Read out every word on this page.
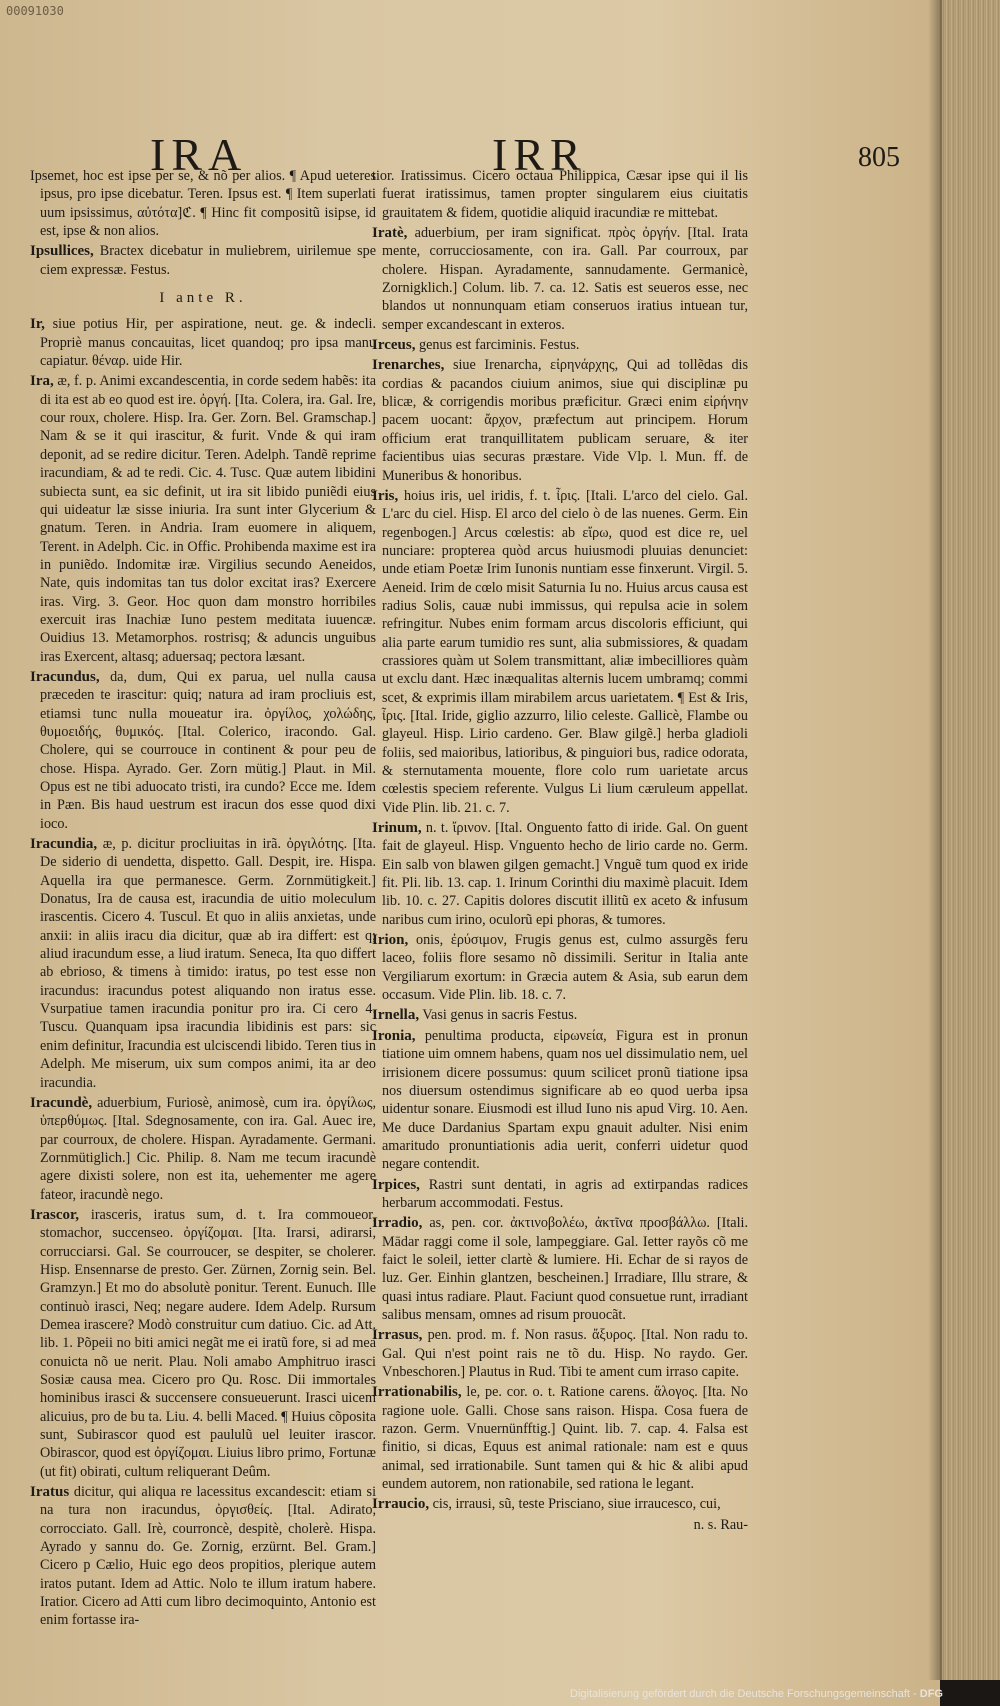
00091030
IRA	IRR	805
Ipsemet, hoc est ipse per se, & nõ per alios. ¶ Apud ueteres ipsus, pro ipse dicebatur. Teren. Ipsus est. ¶ Item superlati uum ipsissimus, αὐτότα]ℭ. ¶ Hinc fit compositũ isipse, id est, ipse & non alios.
Ipsullices, Bractex dicebatur in muliebrem, uirilemue spe ciem expressæ. Festus.
I ante R.
Ir, siue potius Hir, per aspiratione, neut. ge. & indecli. Propriè manus concauitas, licet quandoq; pro ipsa manu capiatur. θέναρ. uide Hir.
Ira, æ, f. p. Animi excandescentia, in corde sedem habẽs: ita di ita est ab eo quod est ire. ὀργή. [Ita. Colera, ira. Gal. Ire, cour roux, cholere. Hisp. Ira. Ger. Zorn. Bel. Gramschap.] Nam & se it qui irascitur, & furit. Vnde & qui iram deponit, ad se redire dicitur. Teren. Adelph. Tandẽ reprime iracundiam, & ad te redi. Cic. 4. Tusc. Quæ autem libidini subiecta sunt, ea sic definit, ut ira sit libido puniẽdi eius qui uideatur læ sisse iniuria. Ira sunt inter Glycerium & gnatum. Teren. in Andria. Iram euomere in aliquem, Terent. in Adelph. Cic. in Offic. Prohibenda maxime est ira in puniẽdo. Indomitæ iræ. Virgilius secundo Aeneidos, Nate, quis indomitas tan tus dolor excitat iras? Exercere iras. Virg. 3. Geor. Hoc quon dam monstro horribiles exercuit iras Inachiæ Iuno pestem meditata iuuencæ. Ouidius 13. Metamorphos. rostrisq; & aduncis unguibus iras Exercent, altasq; aduersaq; pectora læsant.
Iracundus, da, dum, Qui ex parua, uel nulla causa præceden te irascitur: quiq; natura ad iram procliuis est, etiamsi tunc nulla moueatur ira. ὀργίλος, χολώδης, θυμοειδής, θυμικός. [Ital. Colerico, iracondo. Gal. Cholere, qui se courrouce in continent & pour peu de chose. Hispa. Ayrado. Ger. Zorn mütig.] Plaut. in Mil. Opus est ne tibi aduocato tristi, ira cundo? Ecce me. Idem in Pæn. Bis haud uestrum est iracun dos esse quod dixi ioco.
Iracundia, æ, p. dicitur procliuitas in irã. ὀργιλότης. [Ita. De siderio di uendetta, dispetto. Gall. Despit, ire. Hispa. Aquella ira que permanesce. Germ. Zornmütigkeit.] Donatus, Ira de causa est, iracundia de uitio moleculum irascentis. Cicero 4. Tuscul. Et quo in aliis anxietas, unde anxii: in aliis iracu dia dicitur, quæ ab ira differt: est q; aliud iracundum esse, a liud iratum. Seneca, Ita quo differt ab ebrioso, & timens à timido: iratus, po test esse non iracundus: iracundus potest aliquando non iratus esse. Vsurpatiue tamen iracundia ponitur pro ira. Ci cero 4. Tuscu. Quanquam ipsa iracundia libidinis est pars: sic enim definitur, Iracundia est ulciscendi libido. Teren tius in Adelph. Me miserum, uix sum compos animi, ita ar deo iracundia.
Iracundè, aduerbium, Furiosè, animosè, cum ira. ὀργίλως, ὑπερθύμως. [Ital. Sdegnosamente, con ira. Gal. Auec ire, par courroux, de cholere. Hispan. Ayradamente. Germani. Zornmütiglich.] Cic. Philip. 8. Nam me tecum iracundè agere dixisti solere, non est ita, uehementer me agere fateor, iracundè nego.
Irascor, irasceris, iratus sum, d. t. Ira commoueor, stomachor, succenseo. ὀργίζομαι. [Ita. Irarsi, adirarsi, corrucciarsi. Gal. Se courroucer, se despiter, se cholerer. Hisp. Ensennarse de presto. Ger. Zürnen, Zornig sein. Bel. Gramzyn.] Et mo do absolutè ponitur. Terent. Eunuch. Ille continuò irasci, Neq; negare audere. Idem Adelp. Rursum Demea irascere? Modò construitur cum datiuo. Cic. ad Att. lib. 1. Põpeii no biti amici negãt me ei iratũ fore, si ad mea conuicta nõ ue nerit. Plau. Noli amabo Amphitruo irasci Sosiæ causa mea. Cicero pro Qu. Rosc. Dii immortales hominibus irasci & succensere consueuerunt. Irasci uicem alicuius, pro de bu ta. Liu. 4. belli Maced. ¶ Huius cõposita sunt, Subirascor quod est paululũ uel leuiter irascor. Obirascor, quod est ὀργίζομαι. Liuius libro primo, Fortunæ (ut fit) obirati, cultum reliquerant Deûm.
Iratus dicitur, qui aliqua re lacessitus excandescit: etiam si na tura non iracundus, ὀργισθείς. [Ital. Adirato, corrocciato. Gall. Irè, courroncè, despitè, cholerè. Hispa. Ayrado y sannu do. Ge. Zornig, erzürnt. Bel. Gram.] Cicero p Cælio, Huic ego deos propitios, plerique autem iratos putant. Idem ad Attic. Nolo te illum iratum habere. Iratior. Cicero ad Atti cum libro decimoquinto, Antonio est enim fortasse ira-
tior. Iratissimus. Cicero octaua Philippica, Cæsar ipse qui il lis fuerat iratissimus, tamen propter singularem eius ciuitatis grauitatem & fidem, quotidie aliquid iracundiæ re mittebat.
Iratè, aduerbium, per iram significat. πρὸς ὀργήν. [Ital. Irata mente, corrucciosamente, con ira. Gall. Par courroux, par cholere. Hispan. Ayradamente, sannudamente. Germanicè, Zornigklich.] Colum. lib. 7. ca. 12. Satis est seueros esse, nec blandos ut nonnunquam etiam conseruos iratius intuean tur, semper excandescant in exteros.
Irceus, genus est farciminis. Festus.
Irenarches, siue Irenarcha, εἰρηνάρχης, Qui ad tollẽdas dis cordias & pacandos ciuium animos, siue qui disciplinæ pu blicæ, & corrigendis moribus præficitur. Græci enim εἰρήνην pacem uocant: ἄρχον, præfectum aut principem. Horum officium erat tranquillitatem publicam seruare, & iter facientibus uias securas præstare. Vide Vlp. l. Mun. ff. de Muneribus & honoribus.
Iris, hoius iris, uel iridis, f. t. ἶρις. [Itali. L'arco del cielo. Gal. L'arc du ciel. Hisp. El arco del cielo ò de las nuenes. Germ. Ein regenbogen.] Arcus cœlestis: ab εἴρω, quod est dice re, uel nunciare: propterea quòd arcus huiusmodi pluuias denunciet: unde etiam Poetæ Irim Iunonis nuntiam esse finxerunt. Virgil. 5. Aeneid. Irim de cœlo misit Saturnia Iu no. Huius arcus causa est radius Solis, cauæ nubi immissus, qui repulsa acie in solem refringitur. Nubes enim formam arcus discoloris efficiunt, qui alia parte earum tumidio res sunt, alia submissiores, & quadam crassiores quàm ut Solem transmittant, aliæ imbecilliores quàm ut exclu dant. Hæc inæqualitas alternis lucem umbramq; commi scet, & exprimis illam mirabilem arcus uarietatem. ¶ Est & Iris, ἶρις. [Ital. Iride, giglio azzurro, lilio celeste. Gallicè, Flambe ou glayeul. Hisp. Lirio cardeno. Ger. Blaw gilgẽ.] herba gladioli foliis, sed maioribus, latioribus, & pinguiori bus, radice odorata, & sternutamenta mouente, flore colo rum uarietate arcus cœlestis speciem referente. Vulgus Li lium cæruleum appellat. Vide Plin. lib. 21. c. 7.
Irinum, n. t. ἴρινον. [Ital. Onguento fatto di iride. Gal. On guent fait de glayeul. Hisp. Vnguento hecho de lirio carde no. Germ. Ein salb von blawen gilgen gemacht.] Vnguẽ tum quod ex iride fit. Pli. lib. 13. cap. 1. Irinum Corinthi diu maximè placuit. Idem lib. 10. c. 27. Capitis dolores discutit illitũ ex aceto & infusum naribus cum irino, oculorũ epi phoras, & tumores.
Irion, onis, ἐρύσιμον, Frugis genus est, culmo assurgẽs feru laceo, foliis flore sesamo nõ dissimili. Seritur in Italia ante Vergiliarum exortum: in Græcia autem & Asia, sub earun dem occasum. Vide Plin. lib. 18. c. 7.
Irnella, Vasi genus in sacris Festus.
Ironia, penultima producta, εἰρωνεία, Figura est in pronun tiatione uim omnem habens, quam nos uel dissimulatio nem, uel irrisionem dicere possumus: quum scilicet pronũ tiatione ipsa nos diuersum ostendimus significare ab eo quod uerba ipsa uidentur sonare. Eiusmodi est illud Iuno nis apud Virg. 10. Aen. Me duce Dardanius Spartam expu gnauit adulter. Nisi enim amaritudo pronuntiationis adia uerit, conferri uidetur quod negare contendit.
Irpices, Rastri sunt dentati, in agris ad extirpandas radices herbarum accommodati. Festus.
Irradio, as, pen. cor. ἀκτινοβολέω, ἀκτῖνα προσβάλλω. [Itali. Mādar raggi come il sole, lampeggiare. Gal. Ietter rayõs cõ me faict le soleil, ietter clartè & lumiere. Hi. Echar de si rayos de luz. Ger. Einhin glantzen, bescheinen.] Irradiare, Illu strare, & quasi intus radiare. Plaut. Faciunt quod consuetue runt, irradiant salibus mensam, omnes ad risum prouocãt.
Irrasus, pen. prod. m. f. Non rasus. ἄξυρος. [Ital. Non radu to. Gal. Qui n'est point rais ne tõ du. Hisp. No raydo. Ger. Vnbeschoren.] Plautus in Rud. Tibi te ament cum irraso capite.
Irrationabilis, le, pe. cor. o. t. Ratione carens. ἄλογος. [Ita. No ragione uole. Galli. Chose sans raison. Hispa. Cosa fuera de razon. Germ. Vnuernünfftig.] Quint. lib. 7. cap. 4. Falsa est finitio, si dicas, Equus est animal rationale: nam est e quus animal, sed irrationabile. Sunt tamen qui & hic & alibi apud eundem autorem, non rationabile, sed rationa le legant.
Irraucio, cis, irrausi, sũ, teste Prisciano, siue irraucesco, cui,
n. s. Rau-
Digitalisierung gefördert durch die Deutsche Forschungsgemeinschaft - DFG
